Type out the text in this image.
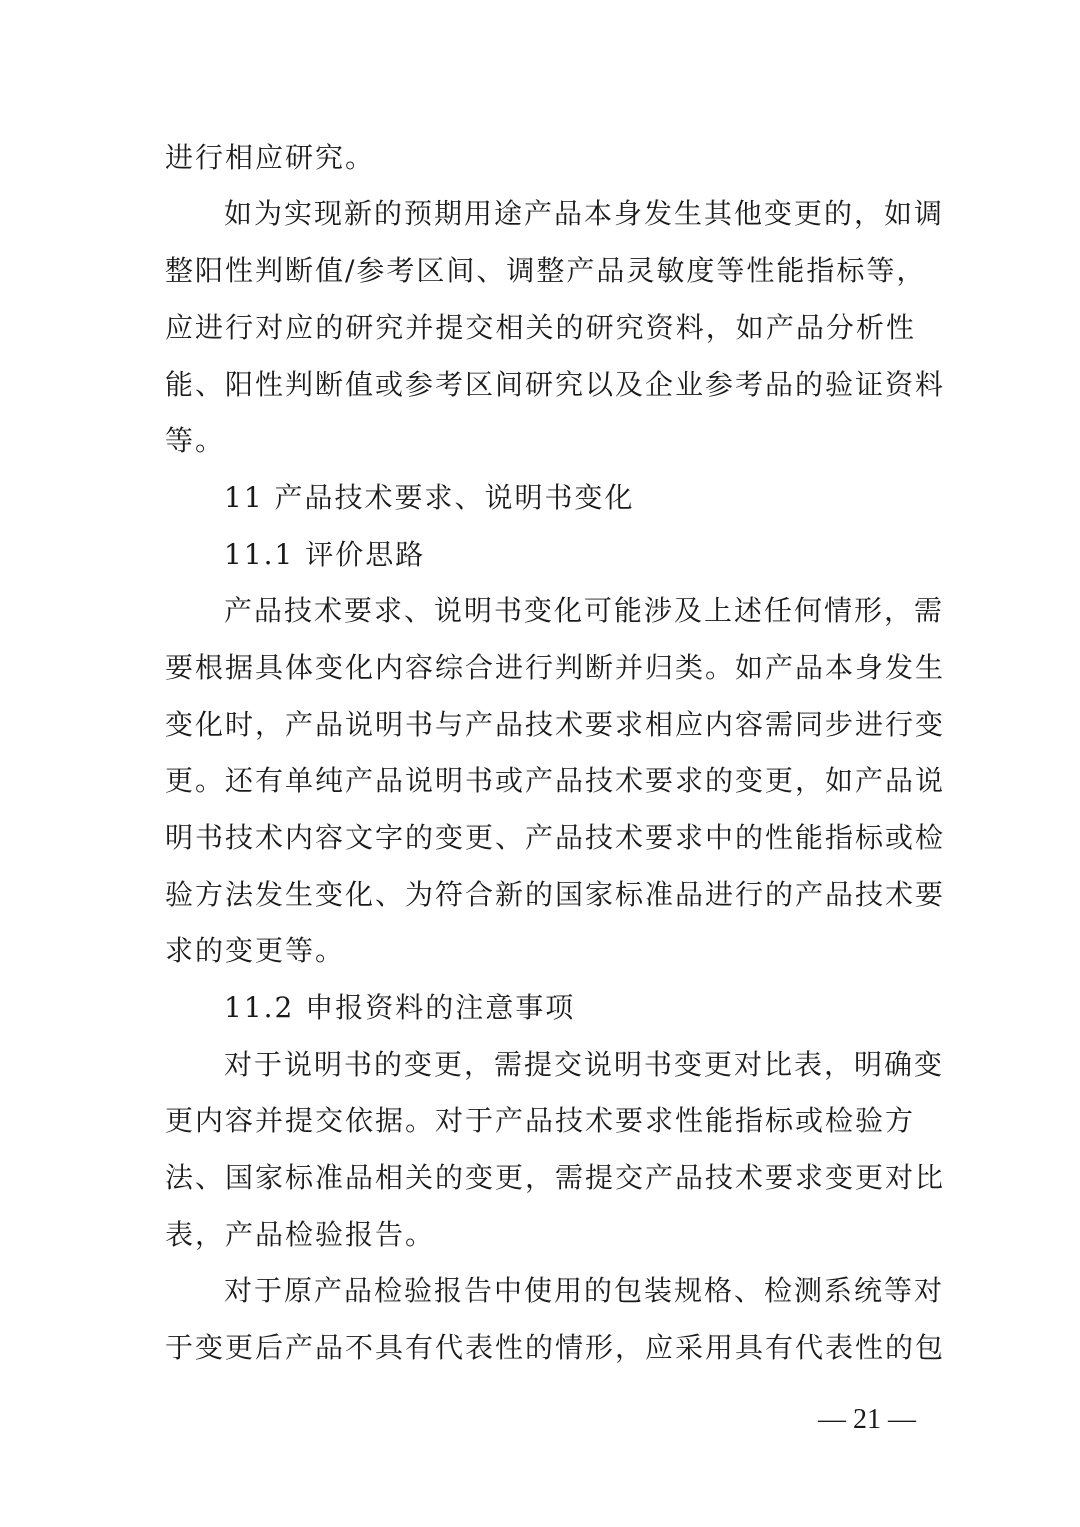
进行相应研究。
如为实现新的预期用途产品本身发生其他变更的，如调
整阳性判断值/参考区间、调整产品灵敏度等性能指标等，
应进行对应的研究并提交相关的研究资料，如产品分析性
能、阳性判断值或参考区间研究以及企业参考品的验证资料
等。
11 产品技术要求、说明书变化
11.1 评价思路
产品技术要求、说明书变化可能涉及上述任何情形，需
要根据具体变化内容综合进行判断并归类。如产品本身发生
变化时，产品说明书与产品技术要求相应内容需同步进行变
更。还有单纯产品说明书或产品技术要求的变更，如产品说
明书技术内容文字的变更、产品技术要求中的性能指标或检
验方法发生变化、为符合新的国家标准品进行的产品技术要
求的变更等。
11.2 申报资料的注意事项
对于说明书的变更，需提交说明书变更对比表，明确变
更内容并提交依据。对于产品技术要求性能指标或检验方
法、国家标准品相关的变更，需提交产品技术要求变更对比
表，产品检验报告。
对于原产品检验报告中使用的包装规格、检测系统等对
于变更后产品不具有代表性的情形，应采用具有代表性的包
— 21 —
